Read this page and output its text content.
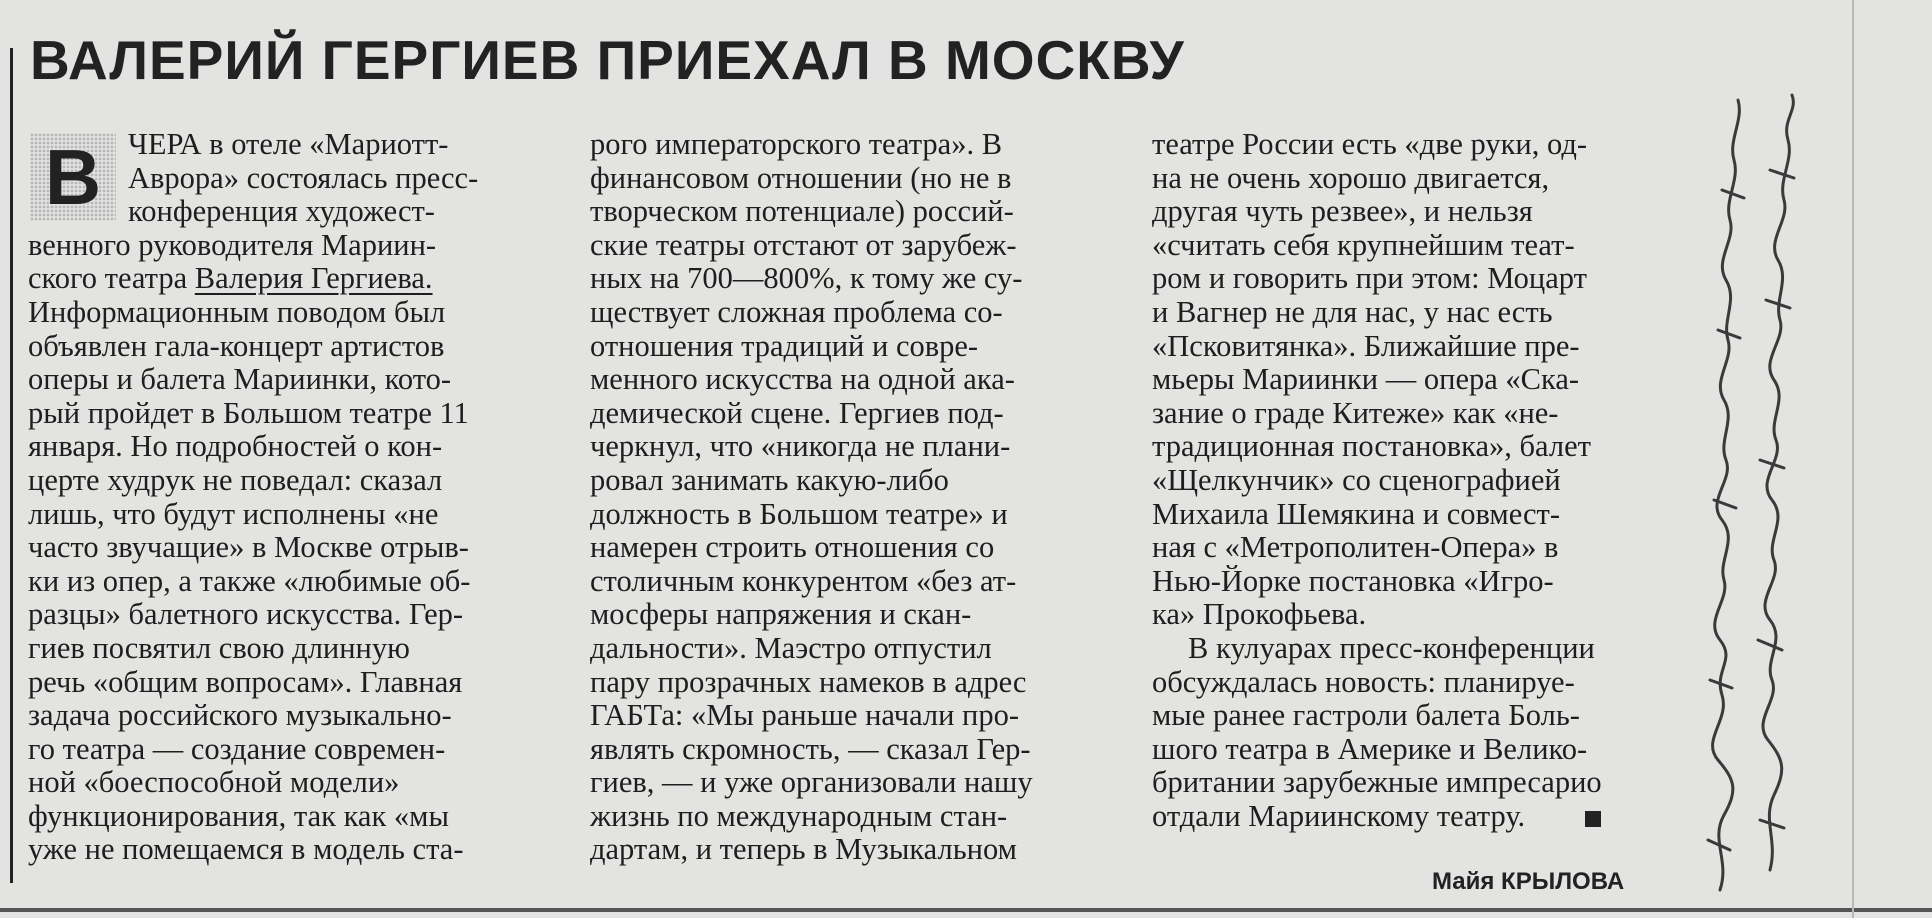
ВАЛЕРИЙ ГЕРГИЕВ ПРИЕХАЛ В МОСКВУ
В ЧЕРА в отеле «Мариотт-
Аврора» состоялась пресс-
конференция художест-
венного руководителя Мариин-
ского театра Валерия Гергиева.
Информационным поводом был
объявлен гала-концерт артистов
оперы и балета Мариинки, кото-
рый пройдет в Большом театре 11
января. Но подробностей о кон-
церте худрук не поведал: сказал
лишь, что будут исполнены «не
часто звучащие» в Москве отрыв-
ки из опер, а также «любимые об-
разцы» балетного искусства. Гер-
гиев посвятил свою длинную
речь «общим вопросам». Главная
задача российского музыкально-
го театра — создание современ-
ной «боеспособной модели»
функционирования, так как «мы
уже не помещаемся в модель ста-
рого императорского театра». В
финансовом отношении (но не в
творческом потенциале) россий-
ские театры отстают от зарубеж-
ных на 700—800%, к тому же су-
ществует сложная проблема со-
отношения традиций и совре-
менного искусства на одной ака-
демической сцене. Гергиев под-
черкнул, что «никогда не плани-
ровал занимать какую-либо
должность в Большом театре» и
намерен строить отношения со
столичным конкурентом «без ат-
мосферы напряжения и скан-
дальности». Маэстро отпустил
пару прозрачных намеков в адрес
ГАБТа: «Мы раньше начали про-
являть скромность, — сказал Гер-
гиев, — и уже организовали нашу
жизнь по международным стан-
дартам, и теперь в Музыкальном
театре России есть «две руки, од-
на не очень хорошо двигается,
другая чуть резвее», и нельзя
«считать себя крупнейшим теат-
ром и говорить при этом: Моцарт
и Вагнер не для нас, у нас есть
«Псковитянка». Ближайшие пре-
мьеры Мариинки — опера «Ска-
зание о граде Китеже» как «не-
традиционная постановка», балет
«Щелкунчик» со сценографией
Михаила Шемякина и совмест-
ная с «Метрополитен-Опера» в
Нью-Йорке постановка «Игро-
ка» Прокофьева.
В кулуарах пресс-конференции
обсуждалась новость: планируе-
мые ранее гастроли балета Боль-
шого театра в Америке и Велико-
британии зарубежные импресарио
отдали Мариинскому театру.
Майя КРЫЛОВА
